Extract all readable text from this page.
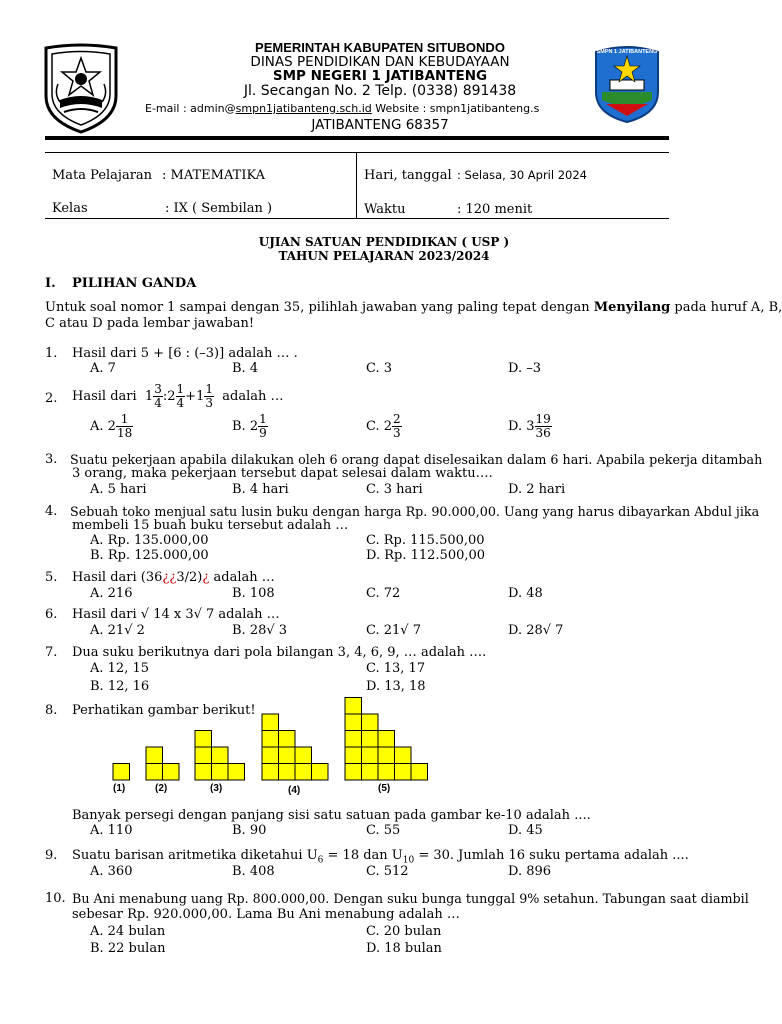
SMPN 1 JATIBANTENG
PEMERINTAH KABUPATEN SITUBONDO
DINAS PENDIDIKAN DAN KEBUDAYAAN
SMP NEGERI 1 JATIBANTENG
Jl. Secangan No. 2 Telp. (0338) 891438
E-mail : admin@smpn1jatibanteng.sch.id Website : smpn1jatibanteng.s
JATIBANTENG 68357
Mata Pelajaran : MATEMATIKA
Kelas	: IX ( Sembilan )
Hari, tanggal : Selasa, 30 April 2024
Waktu	: 120 menit
UJIAN SATUAN PENDIDIKAN ( USP )
TAHUN PELAJARAN 2023/2024
I. PILIHAN GANDA
Untuk soal nomor 1 sampai dengan 35, pilihlah jawaban yang paling tepat dengan Menyilang pada huruf A, B,
C atau D pada lembar jawaban!
1. Hasil dari 5 + [6 : (–3)] adalah … .
A. 7	B. 4	C. 3	D. –3
2. Hasil dari $1 \frac{3}{4}$ :2 $\frac{1}{4} +1 \frac{1}{3}$ adalah …
A. $2 \frac{1}{18}$	B. $2 \frac{1}{9}$	C. $2 \frac{2}{3}$	D. $3 \frac{19}{36}$
3. Suatu pekerjaan apabila dilakukan oleh 6 orang dapat diselesaikan dalam 6 hari. Apabila pekerja ditambah
3 orang, maka pekerjaan tersebut dapat selesai dalam waktu….
A. 5 hari	B. 4 hari	C. 3 hari	D. 2 hari
4. Sebuah toko menjual satu lusin buku dengan harga Rp. 90.000,00. Uang yang harus dibayarkan Abdul jika
membeli 15 buah buku tersebut adalah …
A. Rp. 135.000,00
B. Rp. 125.000,00
C. Rp. 115.500,00
D. Rp. 112.500,00
5. Hasil dari (36¿¿3/2)¿ adalah …
A. 216	B. 108	C. 72	D. 48
6. Hasil dari √ 14 x 3√ 7 adalah …
A. 21√ 2	B. 28√ 3	C. 21√ 7	D. 28√ 7
7. Dua suku berikutnya dari pola bilangan 3, 4, 6, 9, … adalah ….
A. 12, 15
B. 12, 16
C. 13, 17
D. 13, 18
8. Perhatikan gambar berikut!
(1)	(2)	(3)	(4)	(5)
Banyak persegi dengan panjang sisi satu satuan pada gambar ke-10 adalah ....
A. 110	B. 90	C. 55	D. 45
9. Suatu barisan aritmetika diketahui $U_6 = 18$ dan $U_{10} = 30$. Jumlah 16 suku pertama adalah ....
A. 360	B. 408	C. 512	D. 896
10. Bu Ani menabung uang Rp. 800.000,00. Dengan suku bunga tunggal 9% setahun. Tabungan saat diambil
sebesar Rp. 920.000,00. Lama Bu Ani menabung adalah …
A. 24 bulan
B. 22 bulan
C. 20 bulan
D. 18 bulan
